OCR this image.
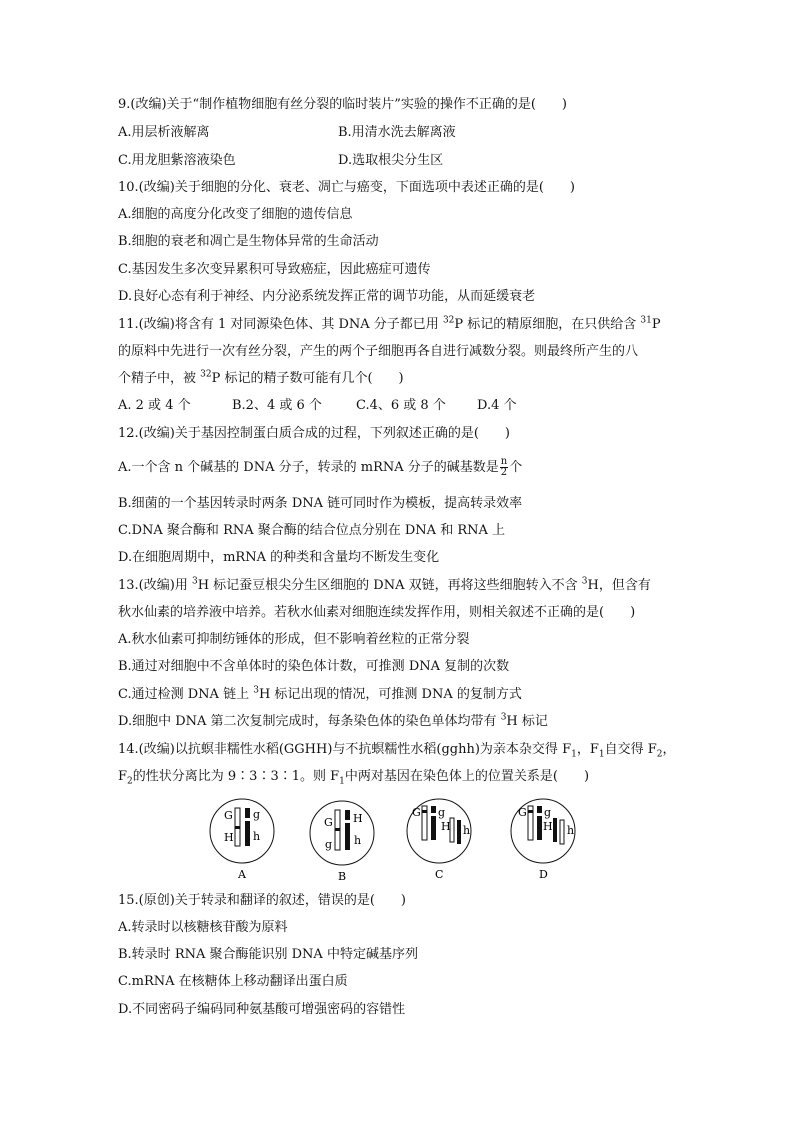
9.(改编)关于“制作植物细胞有丝分裂的临时装片”实验的操作不正确的是(　　)
A.用层析液解离	B.用清水洗去解离液
C.用龙胆紫溶液染色	D.选取根尖分生区
10.(改编)关于细胞的分化、衰老、凋亡与癌变，下面选项中表述正确的是(　　)
A.细胞的高度分化改变了细胞的遗传信息
B.细胞的衰老和凋亡是生物体异常的生命活动
C.基因发生多次变异累积可导致癌症，因此癌症可遗传
D.良好心态有利于神经、内分泌系统发挥正常的调节功能，从而延缓衰老
11.(改编)将含有 1 对同源染色体、其 DNA 分子都已用 $^{32}$P 标记的精原细胞，在只供给含 $^{31}$P
的原料中先进行一次有丝分裂，产生的两个子细胞再各自进行减数分裂。则最终所产生的八
个精子中，被 $^{32}$P 标记的精子数可能有几个(　　)
A. 2 或 4 个	B.2、4 或 6 个	C.4、6 或 8 个 D.4 个
12.(改编)关于基因控制蛋白质合成的过程，下列叙述正确的是(　　)
A.一个含 n 个碱基的 DNA 分子，转录的 mRNA 分子的碱基数是 $\frac{n}{2}$ 个
B.细菌的一个基因转录时两条 DNA 链可同时作为模板，提高转录效率
C.DNA 聚合酶和 RNA 聚合酶的结合位点分别在 DNA 和 RNA 上
D.在细胞周期中，mRNA 的种类和含量均不断发生变化
13.(改编)用 $^3$H 标记蚕豆根尖分生区细胞的 DNA 双链，再将这些细胞转入不含 $^3$H，但含有
秋水仙素的培养液中培养。若秋水仙素对细胞连续发挥作用，则相关叙述不正确的是(　　)
A.秋水仙素可抑制纺锤体的形成，但不影响着丝粒的正常分裂
B.通过对细胞中不含单体时的染色体计数，可推测 DNA 复制的次数
C.通过检测 DNA 链上 $^3$H 标记出现的情况，可推测 DNA 的复制方式
D.细胞中 DNA 第二次复制完成时，每条染色体的染色单体均带有 $^3$H 标记
14.(改编)以抗螟非糯性水稻(GGHH)与不抗螟糯性水稻(gghh)为亲本杂交得 $F_1$，$F_1$自交得 $F_2$，
$F_2$的性状分离比为 9∶3∶3∶1。则 $F_1$中两对基因在染色体上的位置关系是(　　)
G
H
g
h
A
G
g
H
h
B
G g
H h
C
G g
H h
D
15.(原创)关于转录和翻译的叙述，错误的是(　　)
A.转录时以核糖核苷酸为原料
B.转录时 RNA 聚合酶能识别 DNA 中特定碱基序列
C.mRNA 在核糖体上移动翻译出蛋白质
D.不同密码子编码同种氨基酸可增强密码的容错性
